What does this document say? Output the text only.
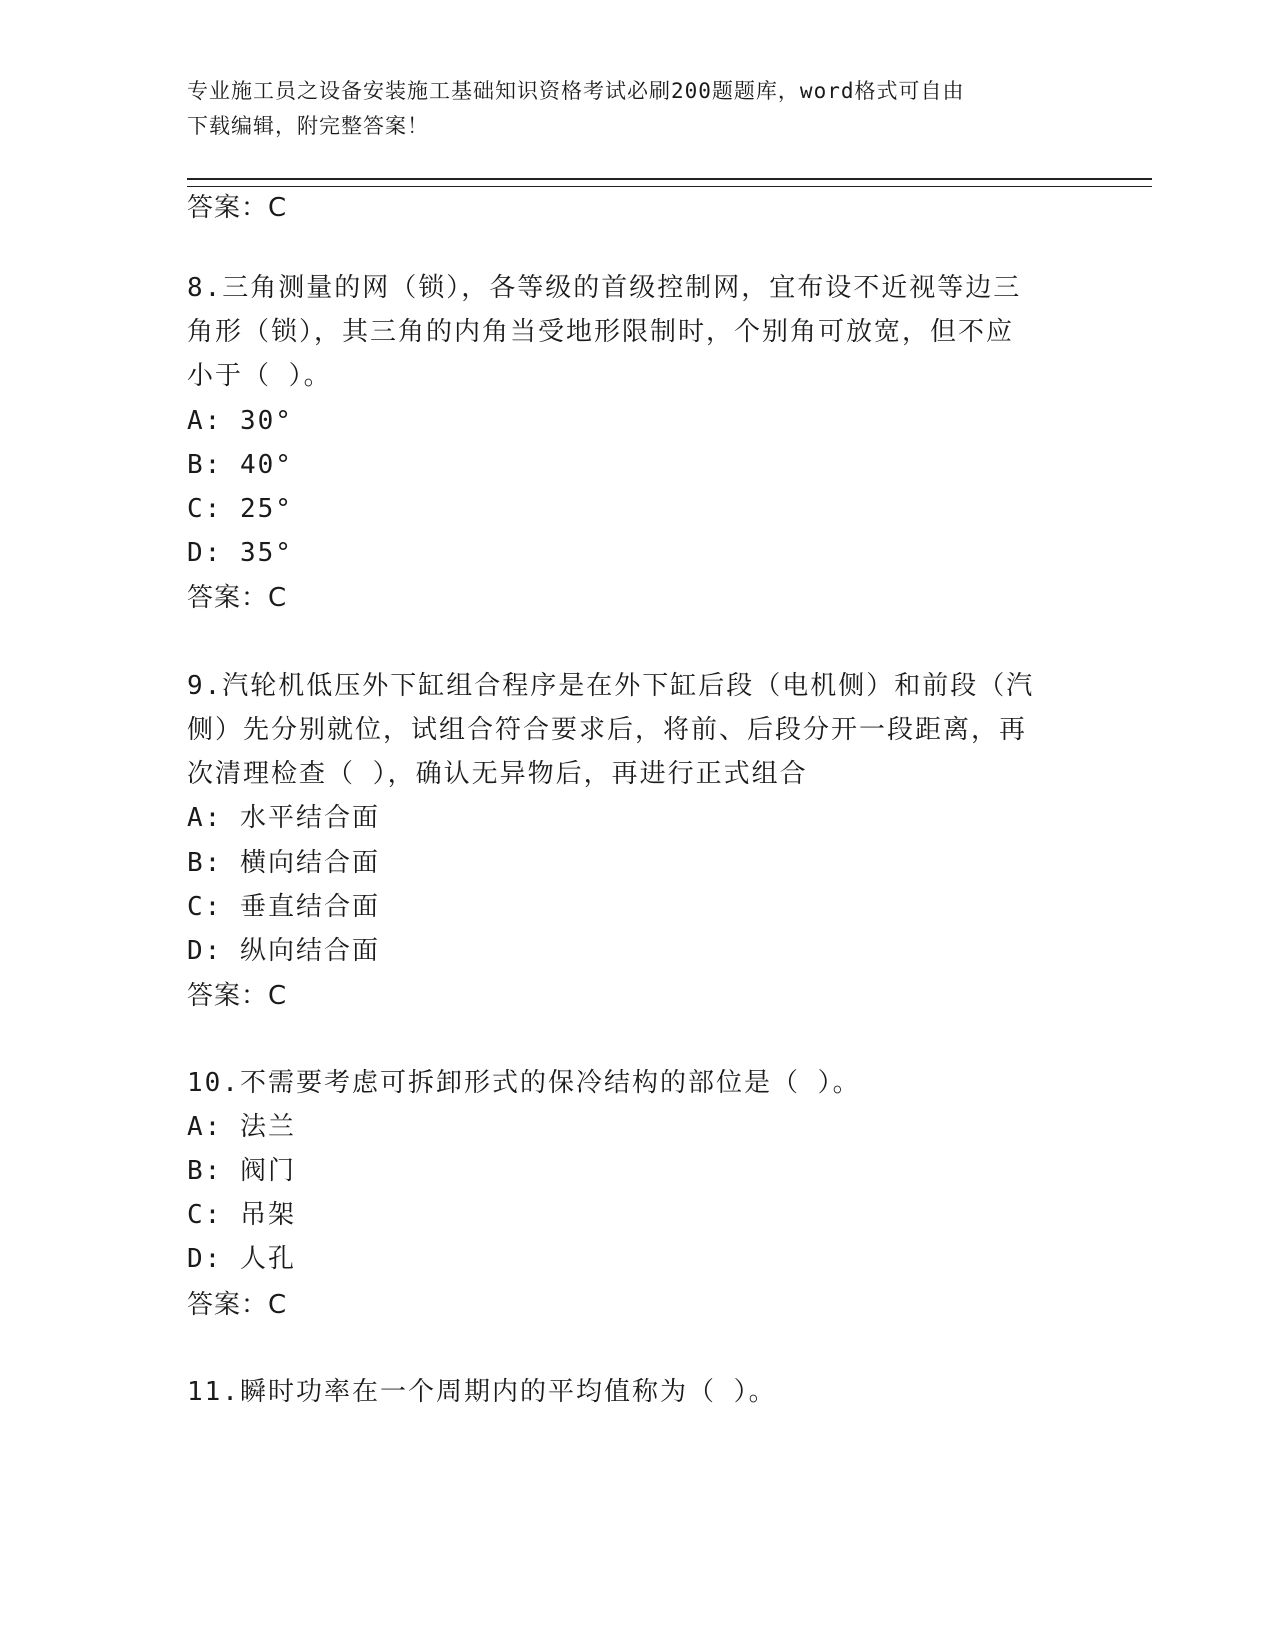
专业施工员之设备安装施工基础知识资格考试必刷200题题库，word格式可自由
下载编辑，附完整答案！
答案：C
8.三角测量的网（锁），各等级的首级控制网，宜布设不近视等边三
角形（锁），其三角的内角当受地形限制时，个别角可放宽，但不应
小于（ ）。
A: 30°
B: 40°
C: 25°
D: 35°
答案：C
9.汽轮机低压外下缸组合程序是在外下缸后段（电机侧）和前段（汽
侧）先分别就位，试组合符合要求后，将前、后段分开一段距离，再
次清理检查（ ），确认无异物后，再进行正式组合
A: 水平结合面
B: 横向结合面
C: 垂直结合面
D: 纵向结合面
答案：C
10.不需要考虑可拆卸形式的保冷结构的部位是（ ）。
A: 法兰
B: 阀门
C: 吊架
D: 人孔
答案：C
11.瞬时功率在一个周期内的平均值称为（ ）。
